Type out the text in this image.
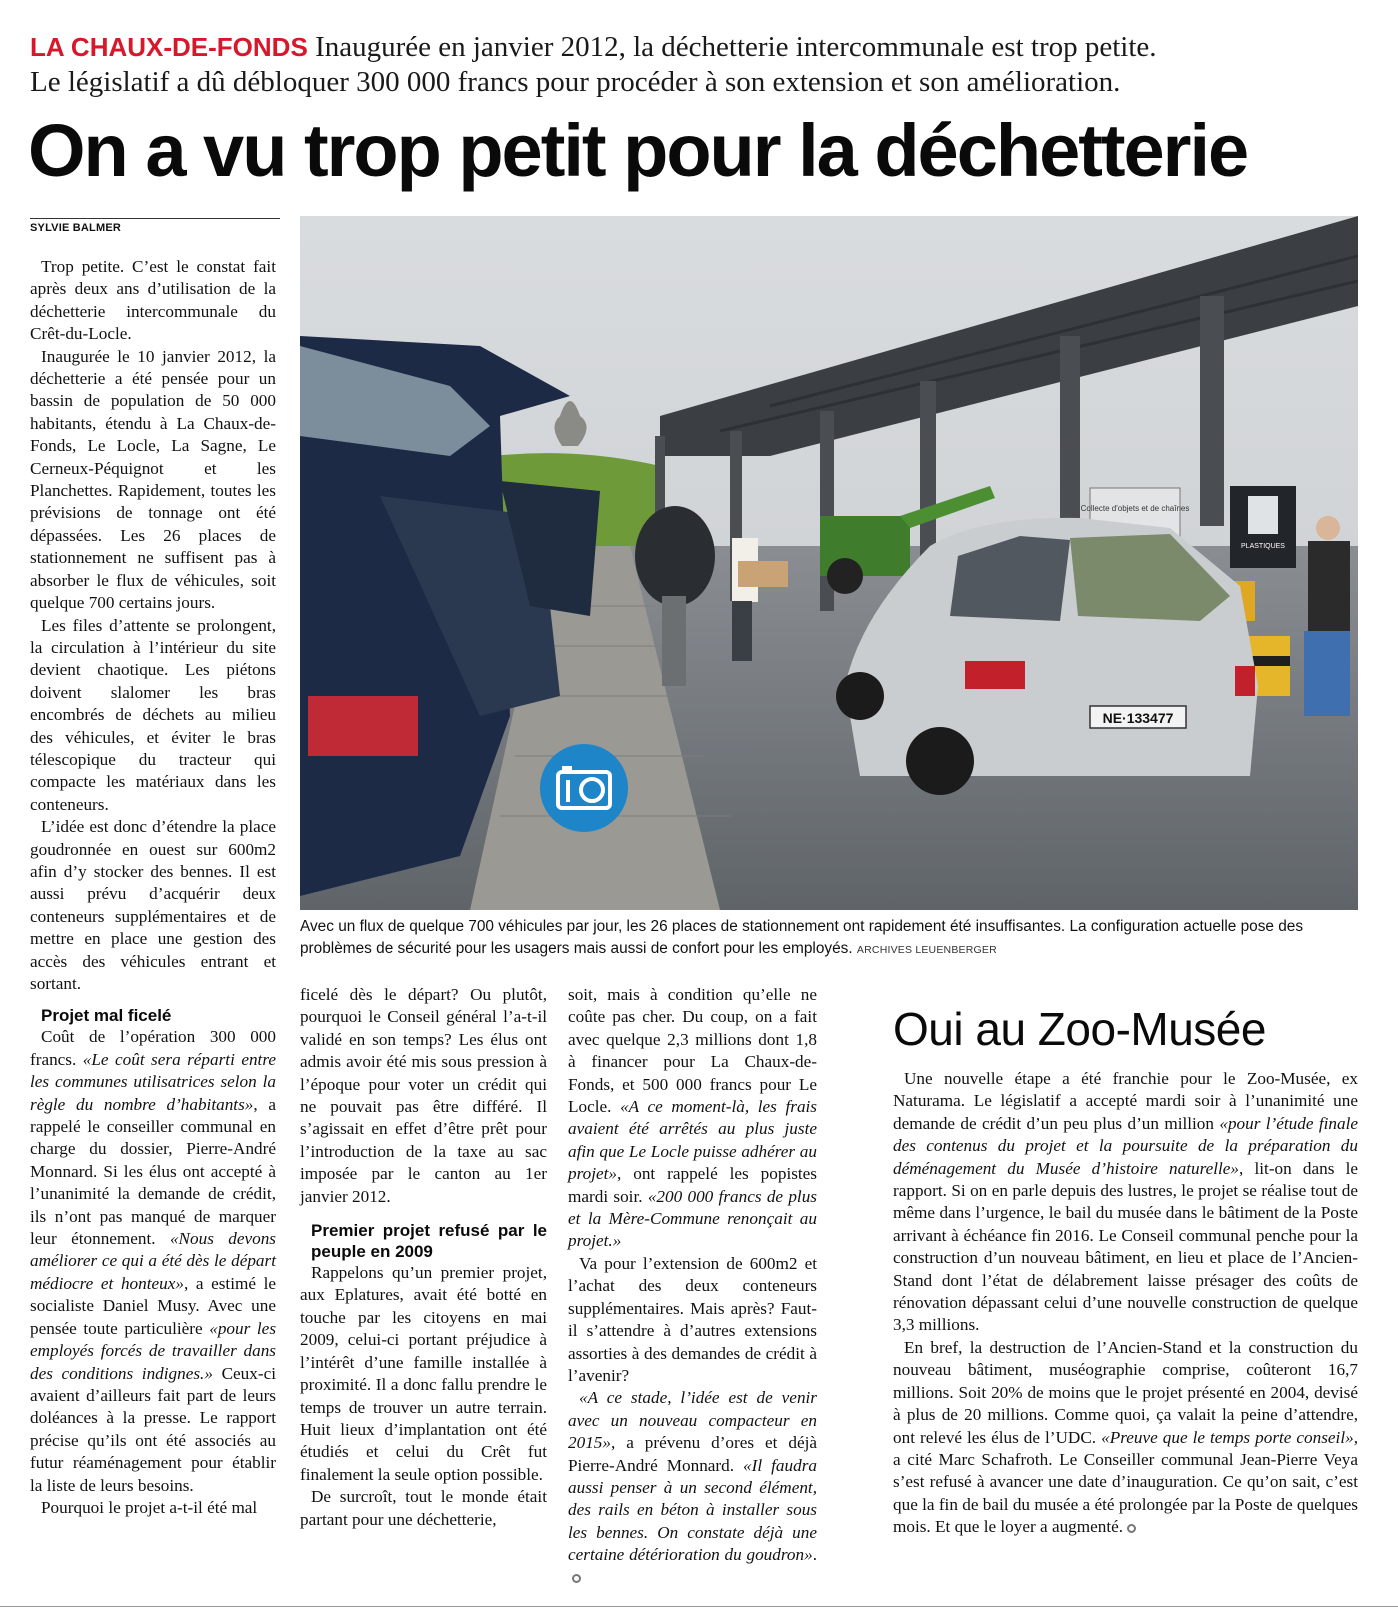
LA CHAUX-DE-FONDS Inaugurée en janvier 2012, la déchetterie intercommunale est trop petite.
Le législatif a dû débloquer 300 000 francs pour procéder à son extension et son amélioration.
On a vu trop petit pour la déchetterie
SYLVIE BALMER

Trop petite. C’est le constat fait après deux ans d’utilisation de la déchetterie intercommunale du Crêt-du-Locle.

Inaugurée le 10 janvier 2012, la déchetterie a été pensée pour un bassin de population de 50 000 habitants, étendu à La Chaux-de-Fonds, Le Locle, La Sagne, Le Cerneux-Péquignot et les Planchettes. Rapidement, toutes les prévisions de tonnage ont été dépassées. Les 26 places de stationnement ne suffisent pas à absorber le flux de véhicules, soit quelque 700 certains jours.

Les files d’attente se prolongent, la circulation à l’intérieur du site devient chaotique. Les piétons doivent slalomer les bras encombrés de déchets au milieu des véhicules, et éviter le bras télescopique du tracteur qui compacte les matériaux dans les conteneurs.

L’idée est donc d’étendre la place goudronnée en ouest sur 600m2 afin d’y stocker des bennes. Il est aussi prévu d’acquérir deux conteneurs supplémentaires et de mettre en place une gestion des accès des véhicules entrant et sortant.

Projet mal ficelé

Coût de l’opération 300 000 francs. «Le coût sera réparti entre les communes utilisatrices selon la règle du nombre d’habitants», a rappelé le conseiller communal en charge du dossier, Pierre-André Monnard. Si les élus ont accepté à l’unanimité la demande de crédit, ils n’ont pas manqué de marquer leur étonnement. «Nous devons améliorer ce qui a été dès le départ médiocre et honteux», a estimé le socialiste Daniel Musy. Avec une pensée toute particulière «pour les employés forcés de travailler dans des conditions indignes.» Ceux-ci avaient d’ailleurs fait part de leurs doléances à la presse. Le rapport précise qu’ils ont été associés au futur réaménagement pour établir la liste de leurs besoins.

Pourquoi le projet a-t-il été mal

Collecte d'objets et de chaînes
PLASTIQUES
NE·133477
Avec un flux de quelque 700 véhicules par jour, les 26 places de stationnement ont rapidement été insuffisantes. La configuration actuelle pose des problèmes de sécurité pour les usagers mais aussi de confort pour les employés. ARCHIVES LEUENBERGER

ficelé dès le départ? Ou plutôt, pourquoi le Conseil général l’a-t-il validé en son temps? Les élus ont admis avoir été mis sous pression à l’époque pour voter un crédit qui ne pouvait pas être différé. Il s’agissait en effet d’être prêt pour l’introduction de la taxe au sac imposée par le canton au 1er janvier 2012.

Premier projet refusé par le peuple en 2009

Rappelons qu’un premier projet, aux Eplatures, avait été botté en touche par les citoyens en mai 2009, celui-ci portant préjudice à l’intérêt d’une famille installée à proximité. Il a donc fallu prendre le temps de trouver un autre terrain. Huit lieux d’implantation ont été étudiés et celui du Crêt fut finalement la seule option possible.

De surcroît, tout le monde était partant pour une déchetterie,

soit, mais à condition qu’elle ne coûte pas cher. Du coup, on a fait avec quelque 2,3 millions dont 1,8 à financer pour La Chaux-de-Fonds, et 500 000 francs pour Le Locle. «A ce moment-là, les frais avaient été arrêtés au plus juste afin que Le Locle puisse adhérer au projet», ont rappelé les popistes mardi soir. «200 000 francs de plus et la Mère-Commune renonçait au projet.»

Va pour l’extension de 600m2 et l’achat des deux conteneurs supplémentaires. Mais après? Faut-il s’attendre à d’autres extensions assorties à des demandes de crédit à l’avenir?

«A ce stade, l’idée est de venir avec un nouveau compacteur en 2015», a prévenu d’ores et déjà Pierre-André Monnard. «Il faudra aussi penser à un second élément, des rails en béton à installer sous les bennes. On constate déjà une certaine détérioration du goudron».

Oui au Zoo-Musée

Une nouvelle étape a été franchie pour le Zoo-Musée, ex Naturama. Le législatif a accepté mardi soir à l’unanimité une demande de crédit d’un peu plus d’un million «pour l’étude finale des contenus du projet et la poursuite de la préparation du déménagement du Musée d’histoire naturelle», lit-on dans le rapport. Si on en parle depuis des lustres, le projet se réalise tout de même dans l’urgence, le bail du musée dans le bâtiment de la Poste arrivant à échéance fin 2016. Le Conseil communal penche pour la construction d’un nouveau bâtiment, en lieu et place de l’Ancien-Stand dont l’état de délabrement laisse présager des coûts de rénovation dépassant celui d’une nouvelle construction de quelque 3,3 millions.

En bref, la destruction de l’Ancien-Stand et la construction du nouveau bâtiment, muséographie comprise, coûteront 16,7 millions. Soit 20% de moins que le projet présenté en 2004, devisé à plus de 20 millions. Comme quoi, ça valait la peine d’attendre, ont relevé les élus de l’UDC. «Preuve que le temps porte conseil», a cité Marc Schafroth. Le Conseiller communal Jean-Pierre Veya s’est refusé à avancer une date d’inauguration. Ce qu’on sait, c’est que la fin de bail du musée a été prolongée par la Poste de quelques mois. Et que le loyer a augmenté.
